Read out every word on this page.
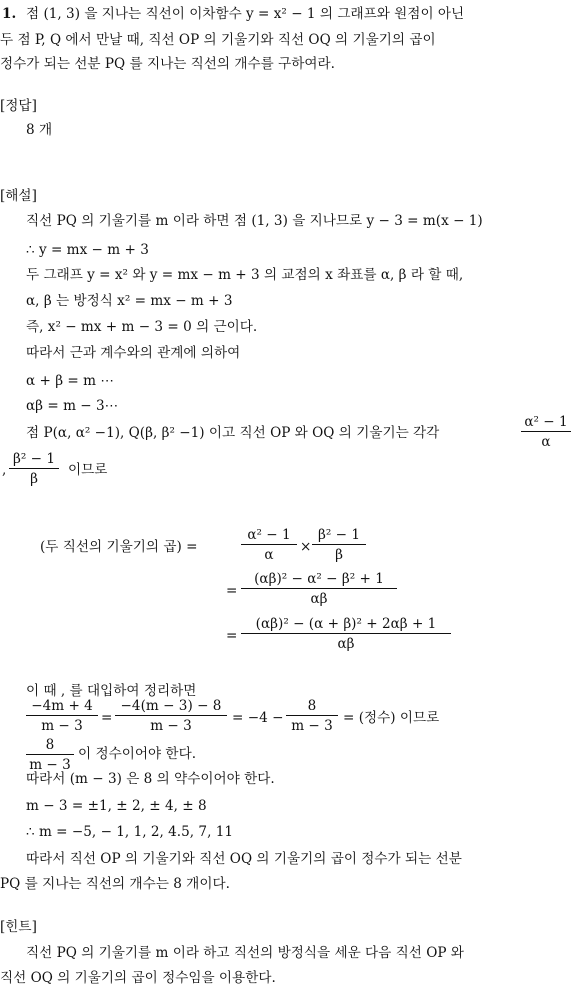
1. 점 (1, 3) 을 지나는 직선이 이차함수 y = x² − 1 의 그래프와 원점이 아닌
두 점 P, Q 에서 만날 때, 직선 OP 의 기울기와 직선 OQ 의 기울기의 곱이
정수가 되는 선분 PQ 를 지나는 직선의 개수를 구하여라.
[정답]
8 개
[해설]
직선 PQ 의 기울기를 m 이라 하면 점 (1, 3) 을 지나므로 y − 3 = m(x − 1)
∴ y = mx − m + 3
두 그래프 y = x² 와 y = mx − m + 3 의 교점의 x 좌표를 α, β 라 할 때,
α, β 는 방정식 x² = mx − m + 3
즉, x² − mx + m − 3 = 0 의 근이다.
따라서 근과 계수와의 관계에 의하여
α + β = m ⋯
αβ = m − 3⋯
점 P(α, α² −1), Q(β, β² −1) 이고 직선 OP 와 OQ 의 기울기는 각각
α² − 1
α
,
β² − 1
β
이므로
(두 직선의 기울기의 곱) =
α² − 1
α	×
β² − 1
β
=
(αβ)² − α² − β² + 1
αβ
=
(αβ)² − (α + β)² + 2αβ + 1
αβ
이 때 , 를 대입하여 정리하면
−4m + 4
m − 3	=
−4(m − 3) − 8
m − 3	= −4 −
8
m − 3 = (정수) 이므로
8
m − 3
이 정수이어야 한다.
따라서 (m − 3) 은 8 의 약수이어야 한다.
m − 3 = ±1, ± 2, ± 4, ± 8
∴ m = −5, − 1, 1, 2, 4.5, 7, 11
따라서 직선 OP 의 기울기와 직선 OQ 의 기울기의 곱이 정수가 되는 선분
PQ 를 지나는 직선의 개수는 8 개이다.
[힌트]
직선 PQ 의 기울기를 m 이라 하고 직선의 방정식을 세운 다음 직선 OP 와
직선 OQ 의 기울기의 곱이 정수임을 이용한다.
